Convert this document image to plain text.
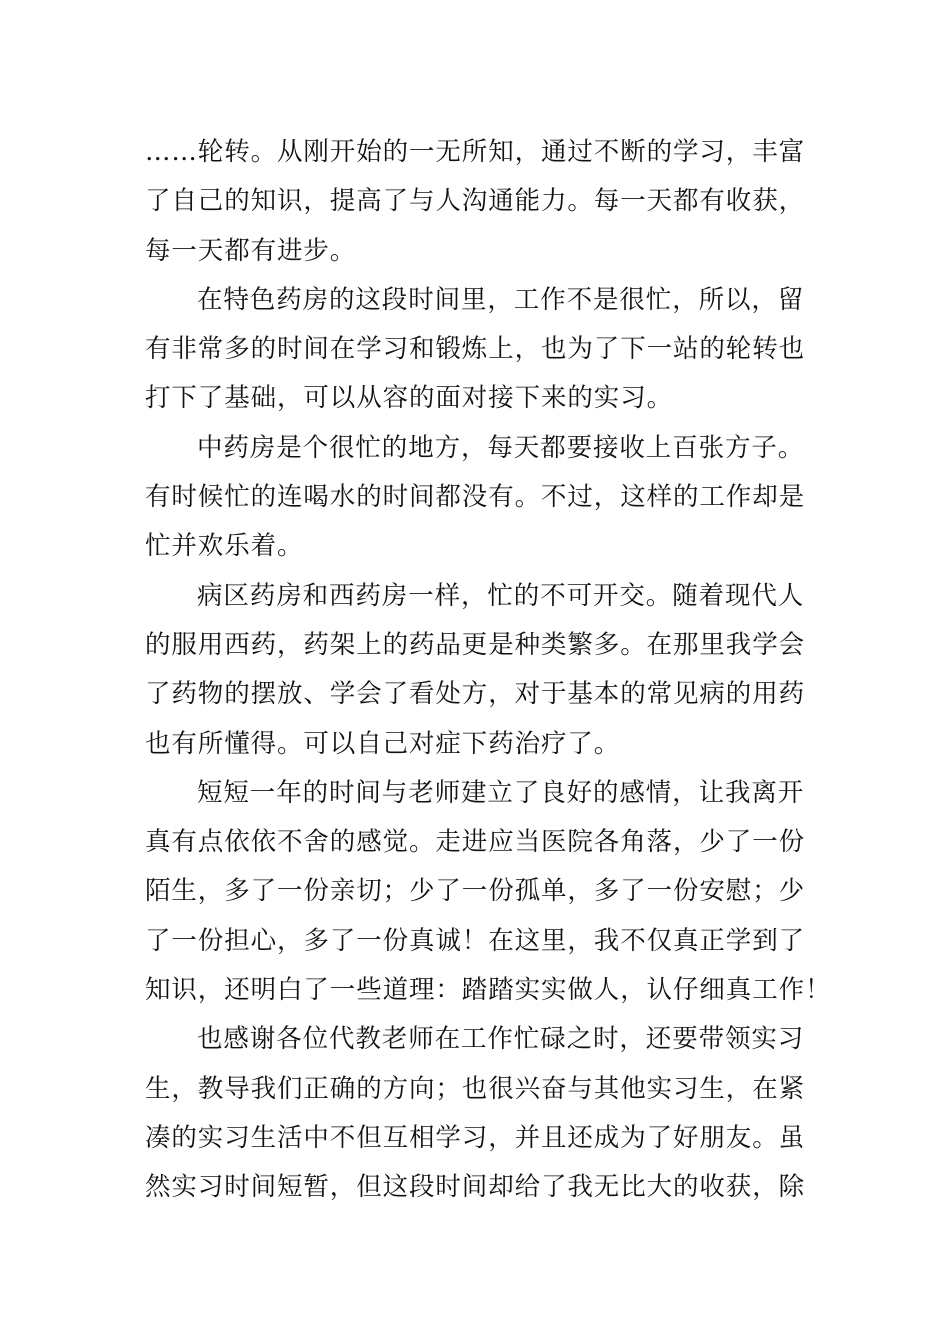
……轮转。从刚开始的一无所知，通过不断的学习，丰富
了自己的知识，提高了与人沟通能力。每一天都有收获，
每一天都有进步。
在特色药房的这段时间里，工作不是很忙，所以，留
有非常多的时间在学习和锻炼上，也为了下一站的轮转也
打下了基础，可以从容的面对接下来的实习。
中药房是个很忙的地方，每天都要接收上百张方子。
有时候忙的连喝水的时间都没有。不过，这样的工作却是
忙并欢乐着。
病区药房和西药房一样，忙的不可开交。随着现代人
的服用西药，药架上的药品更是种类繁多。在那里我学会
了药物的摆放、学会了看处方，对于基本的常见病的用药
也有所懂得。可以自己对症下药治疗了。
短短一年的时间与老师建立了良好的感情，让我离开
真有点依依不舍的感觉。走进应当医院各角落，少了一份
陌生，多了一份亲切；少了一份孤单，多了一份安慰；少
了一份担心，多了一份真诚！在这里，我不仅真正学到了
知识，还明白了一些道理：踏踏实实做人，认仔细真工作！
也感谢各位代教老师在工作忙碌之时，还要带领实习
生，教导我们正确的方向；也很兴奋与其他实习生，在紧
凑的实习生活中不但互相学习，并且还成为了好朋友。虽
然实习时间短暂，但这段时间却给了我无比大的收获，除
